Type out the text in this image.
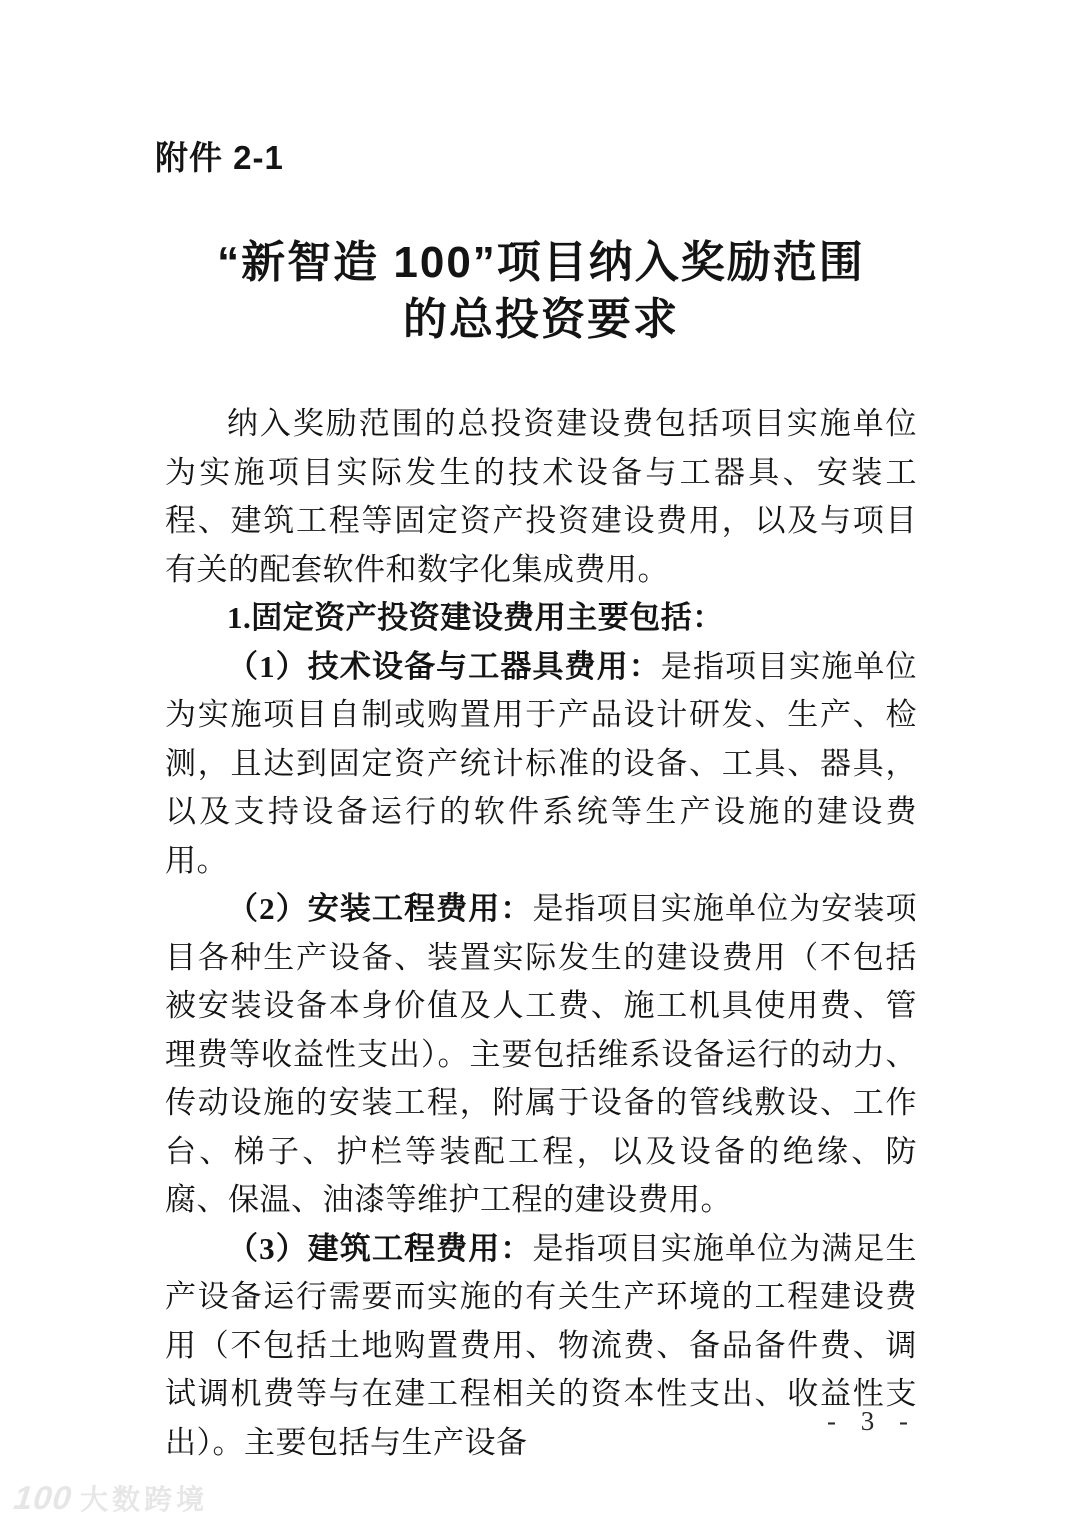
附件 2-1
“新智造 100”项目纳入奖励范围
的总投资要求
纳入奖励范围的总投资建设费包括项目实施单位为实施项目实际发生的技术设备与工器具、安装工程、建筑工程等固定资产投资建设费用，以及与项目有关的配套软件和数字化集成费用。
1.固定资产投资建设费用主要包括：
（1）技术设备与工器具费用：是指项目实施单位为实施项目自制或购置用于产品设计研发、生产、检测，且达到固定资产统计标准的设备、工具、器具，以及支持设备运行的软件系统等生产设施的建设费用。
（2）安装工程费用：是指项目实施单位为安装项目各种生产设备、装置实际发生的建设费用（不包括被安装设备本身价值及人工费、施工机具使用费、管理费等收益性支出）。主要包括维系设备运行的动力、传动设施的安装工程，附属于设备的管线敷设、工作台、梯子、护栏等装配工程，以及设备的绝缘、防腐、保温、油漆等维护工程的建设费用。
（3）建筑工程费用：是指项目实施单位为满足生产设备运行需要而实施的有关生产环境的工程建设费用（不包括土地购置费用、物流费、备品备件费、调试调机费等与在建工程相关的资本性支出、收益性支出）。主要包括与生产设备
- 3 -
100 大数跨境
